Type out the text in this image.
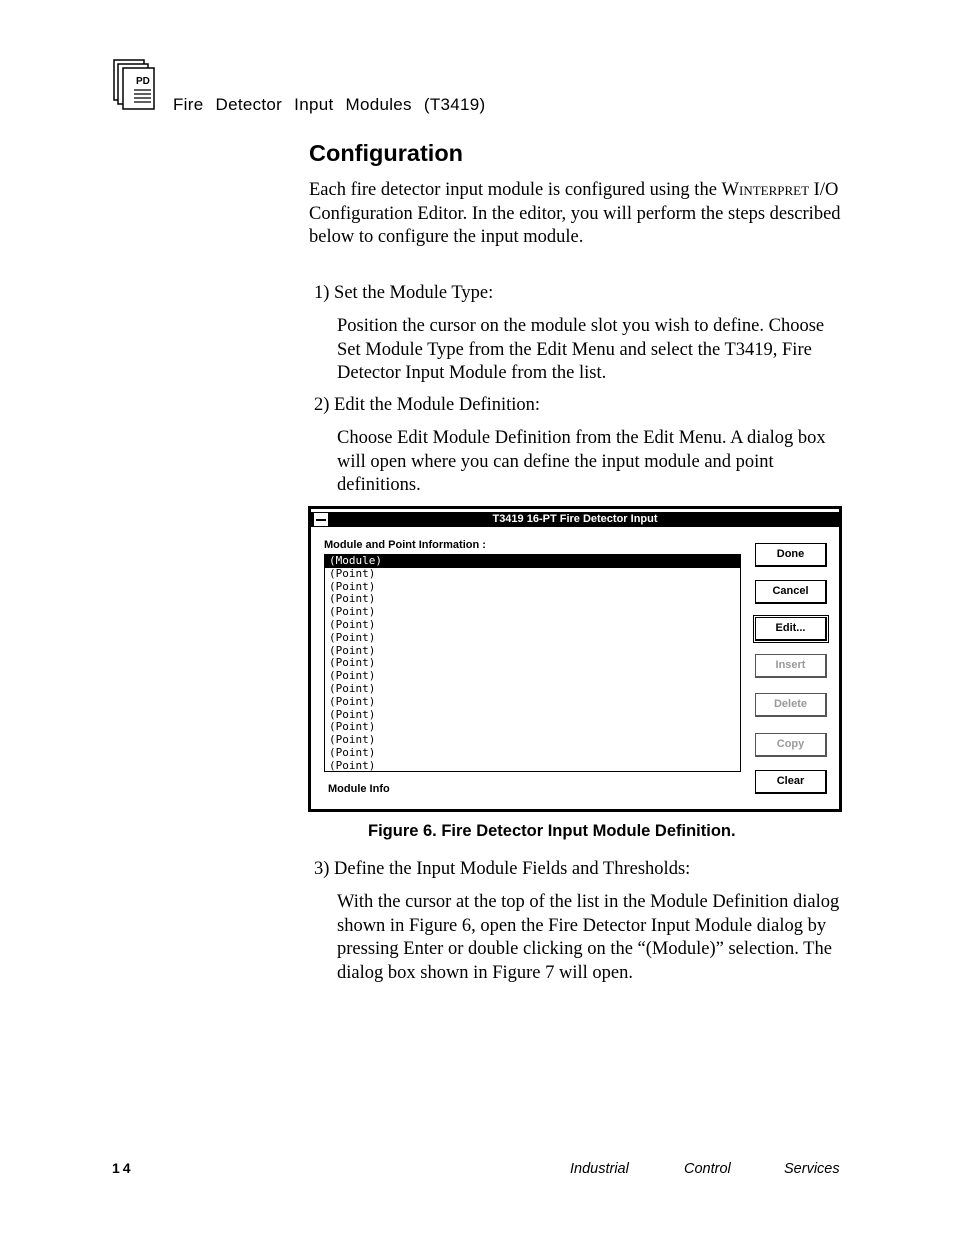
PD
Fire Detector Input Modules (T3419)
Configuration

Each fire detector input module is configured using the Winterpret I/O Configuration Editor. In the editor, you will perform the steps described below to configure the input module.

1) Set the Module Type:

Position the cursor on the module slot you wish to define. Choose Set Module Type from the Edit Menu and select the T3419, Fire Detector Input Module from the list.

2) Edit the Module Definition:

Choose Edit Module Definition from the Edit Menu. A dialog box will open where you can define the input module and point definitions.

T3419 16-PT Fire Detector Input
Module and Point Information :
(Module)
(Point)
(Point)
(Point)
(Point)
(Point)
(Point)
(Point)
(Point)
(Point)
(Point)
(Point)
(Point)
(Point)
(Point)
(Point)
(Point)
Module Info
Done
Cancel
Edit...
Insert
Delete
Copy
Clear
Figure 6. Fire Detector Input Module Definition.

3) Define the Input Module Fields and Thresholds:

With the cursor at the top of the list in the Module Definition dialog shown in Figure 6, open the Fire Detector Input Module dialog by pressing Enter or double clicking on the “(Module)” selection. The dialog box shown in Figure 7 will open.

14	Industrial	Control	Services
